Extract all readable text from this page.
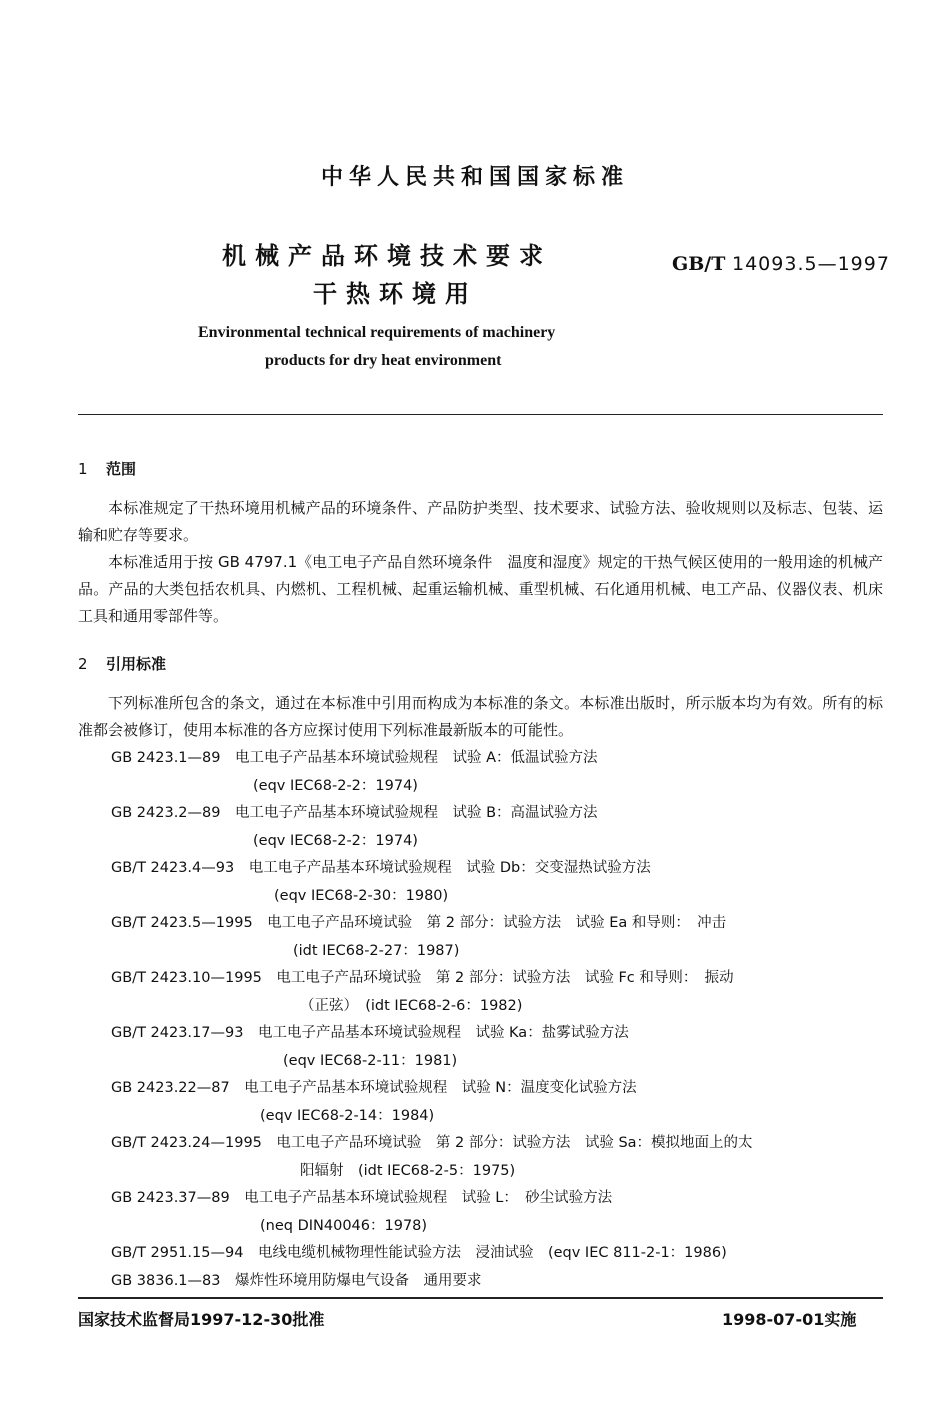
中华人民共和国国家标准
机械产品环境技术要求
干热环境用
GB/T 14093.5—1997
Environmental technical requirements of machinery
products for dry heat environment
1 范围
本标准规定了干热环境用机械产品的环境条件、产品防护类型、技术要求、试验方法、验收规则以及标志、包装、运输和贮存等要求。
本标准适用于按 GB 4797.1《电工电子产品自然环境条件　温度和湿度》规定的干热气候区使用的一般用途的机械产品。产品的大类包括农机具、内燃机、工程机械、起重运输机械、重型机械、石化通用机械、电工产品、仪器仪表、机床工具和通用零部件等。
2 引用标准
下列标准所包含的条文，通过在本标准中引用而构成为本标准的条文。本标准出版时，所示版本均为有效。所有的标准都会被修订，使用本标准的各方应探讨使用下列标准最新版本的可能性。
GB 2423.1—89　电工电子产品基本环境试验规程　试验 A：低温试验方法
(eqv IEC68-2-2：1974)
GB 2423.2—89　电工电子产品基本环境试验规程　试验 B：高温试验方法
(eqv IEC68-2-2：1974)
GB/T 2423.4—93　电工电子产品基本环境试验规程　试验 Db：交变湿热试验方法
(eqv IEC68-2-30：1980)
GB/T 2423.5—1995　电工电子产品环境试验　第 2 部分：试验方法　试验 Ea 和导则：　冲击
(idt IEC68-2-27：1987)
GB/T 2423.10—1995　电工电子产品环境试验　第 2 部分：试验方法　试验 Fc 和导则：　振动
（正弦）　(idt IEC68-2-6：1982)
GB/T 2423.17—93　电工电子产品基本环境试验规程　试验 Ka：盐雾试验方法
(eqv IEC68-2-11：1981)
GB 2423.22—87　电工电子产品基本环境试验规程　试验 N：温度变化试验方法
(eqv IEC68-2-14：1984)
GB/T 2423.24—1995　电工电子产品环境试验　第 2 部分：试验方法　试验 Sa：模拟地面上的太
阳辐射　(idt IEC68-2-5：1975)
GB 2423.37—89　电工电子产品基本环境试验规程　试验 L：　砂尘试验方法
(neq DIN40046：1978)
GB/T 2951.15—94　电线电缆机械物理性能试验方法　浸油试验　(eqv IEC 811-2-1：1986)
GB 3836.1—83　爆炸性环境用防爆电气设备　通用要求
国家技术监督局1997-12-30批准	1998-07-01实施
